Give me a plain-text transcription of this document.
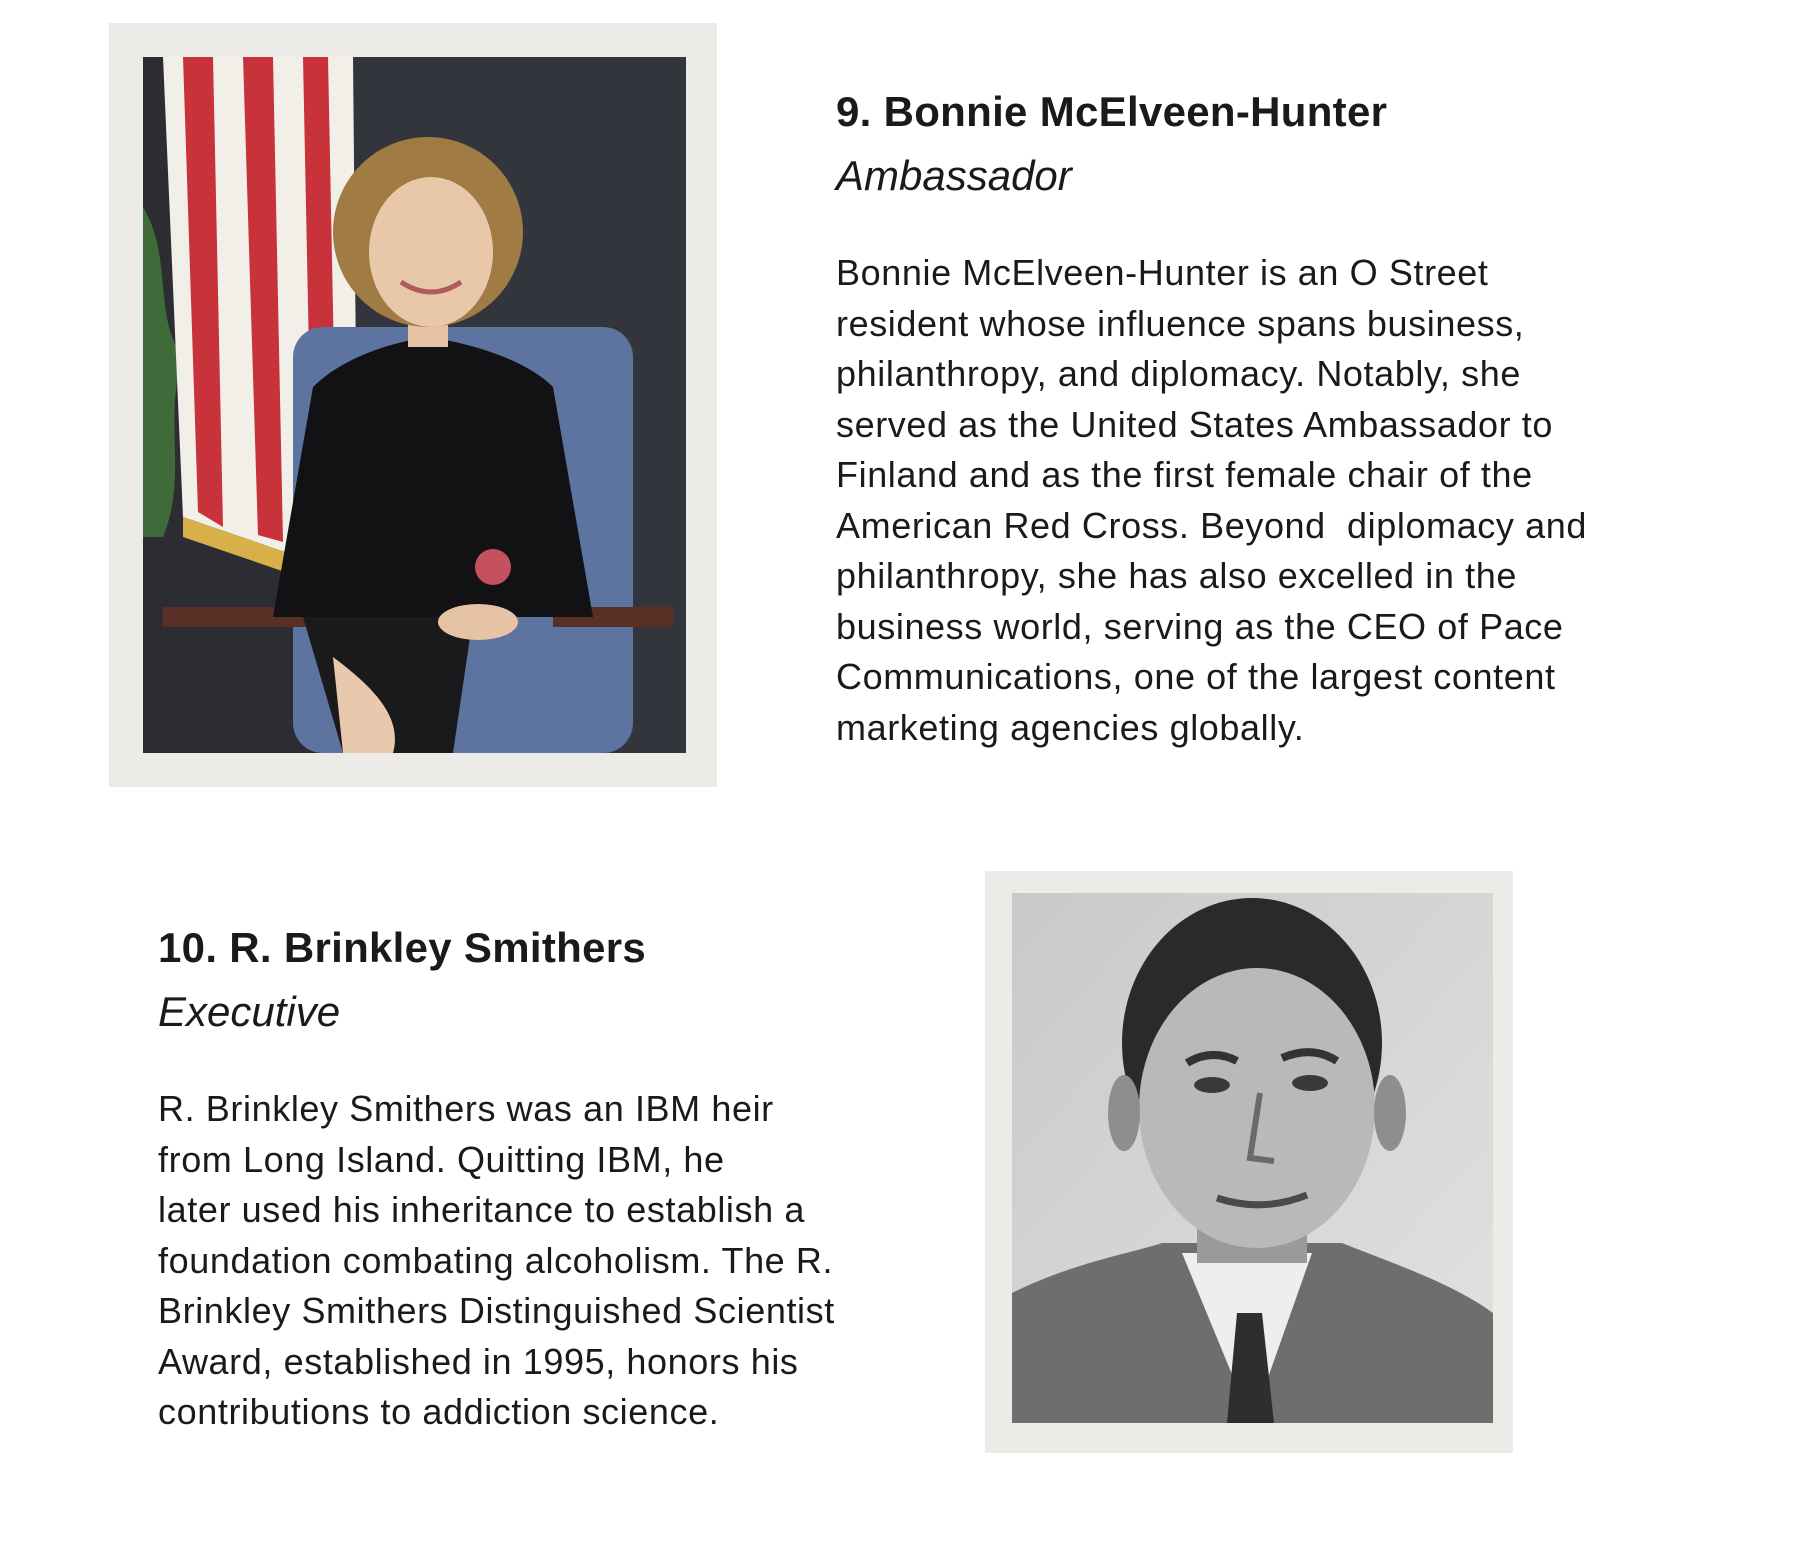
9. Bonnie McElveen-Hunter

Ambassador

Bonnie McElveen-Hunter is an O Street
resident whose influence spans business,
philanthropy, and diplomacy. Notably, she
served as the United States Ambassador to
Finland and as the first female chair of the
American Red Cross. Beyond  diplomacy and
philanthropy, she has also excelled in the
business world, serving as the CEO of Pace
Communications, one of the largest content
marketing agencies globally.

10. R. Brinkley Smithers

Executive

R. Brinkley Smithers was an IBM heir
from Long Island. Quitting IBM, he
later used his inheritance to establish a
foundation combating alcoholism. The R.
Brinkley Smithers Distinguished Scientist
Award, established in 1995, honors his
contributions to addiction science.
